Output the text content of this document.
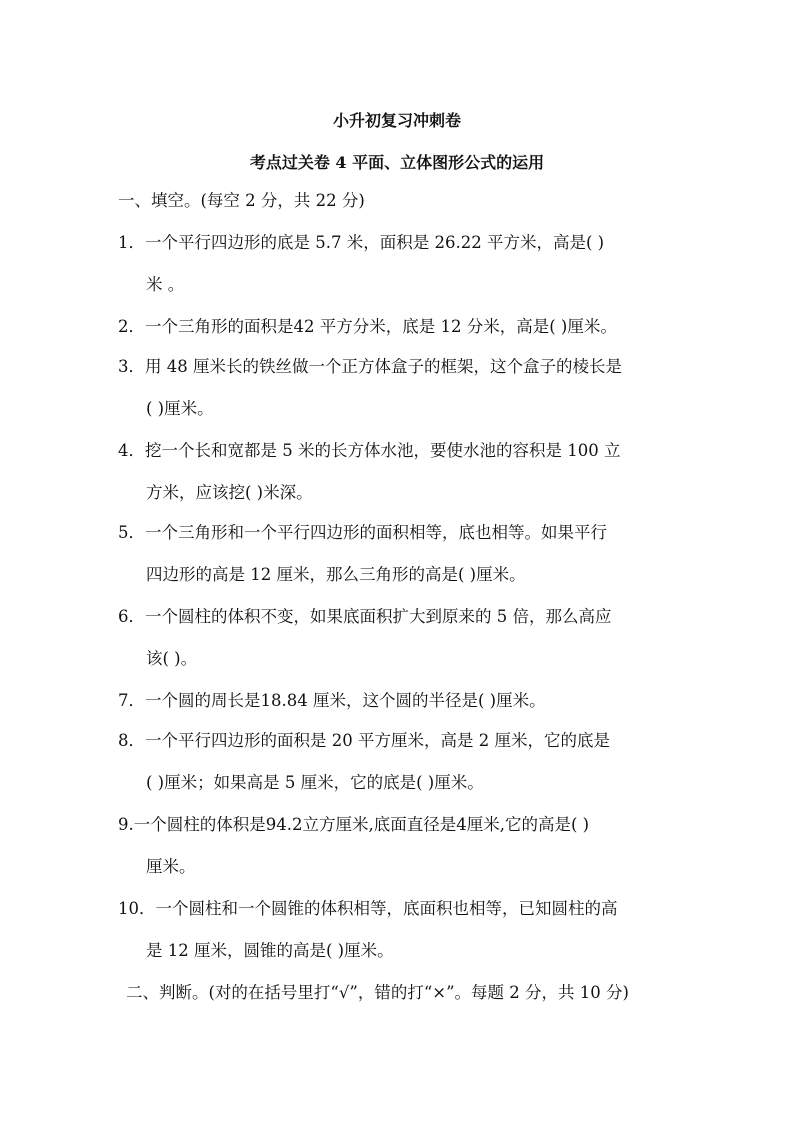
小升初复习冲刺卷
考点过关卷 4 平面、立体图形公式的运用
一、填空。(每空 2 分，共 22 分)
1．一个平行四边形的底是 5.7 米，面积是 26.22 平方米，高是( )
米 。
2．一个三角形的面积是42 平方分米，底是 12 分米，高是( )厘米。
3．用 48 厘米长的铁丝做一个正方体盒子的框架，这个盒子的棱长是
( )厘米。
4．挖一个长和宽都是 5 米的长方体水池，要使水池的容积是 100 立
方米，应该挖( )米深。
5．一个三角形和一个平行四边形的面积相等，底也相等。如果平行
四边形的高是 12 厘米，那么三角形的高是( )厘米。
6．一个圆柱的体积不变，如果底面积扩大到原来的 5 倍，那么高应
该( )。
7．一个圆的周长是18.84 厘米，这个圆的半径是( )厘米。
8．一个平行四边形的面积是 20 平方厘米，高是 2 厘米，它的底是
( )厘米；如果高是 5 厘米，它的底是( )厘米。
9.一个圆柱的体积是94.2立方厘米,底面直径是4厘米,它的高是( )
厘米。
10．一个圆柱和一个圆锥的体积相等，底面积也相等，已知圆柱的高
是 12 厘米，圆锥的高是( )厘米。
二、判断。(对的在括号里打“√”，错的打“×”。每题 2 分，共 10 分)
